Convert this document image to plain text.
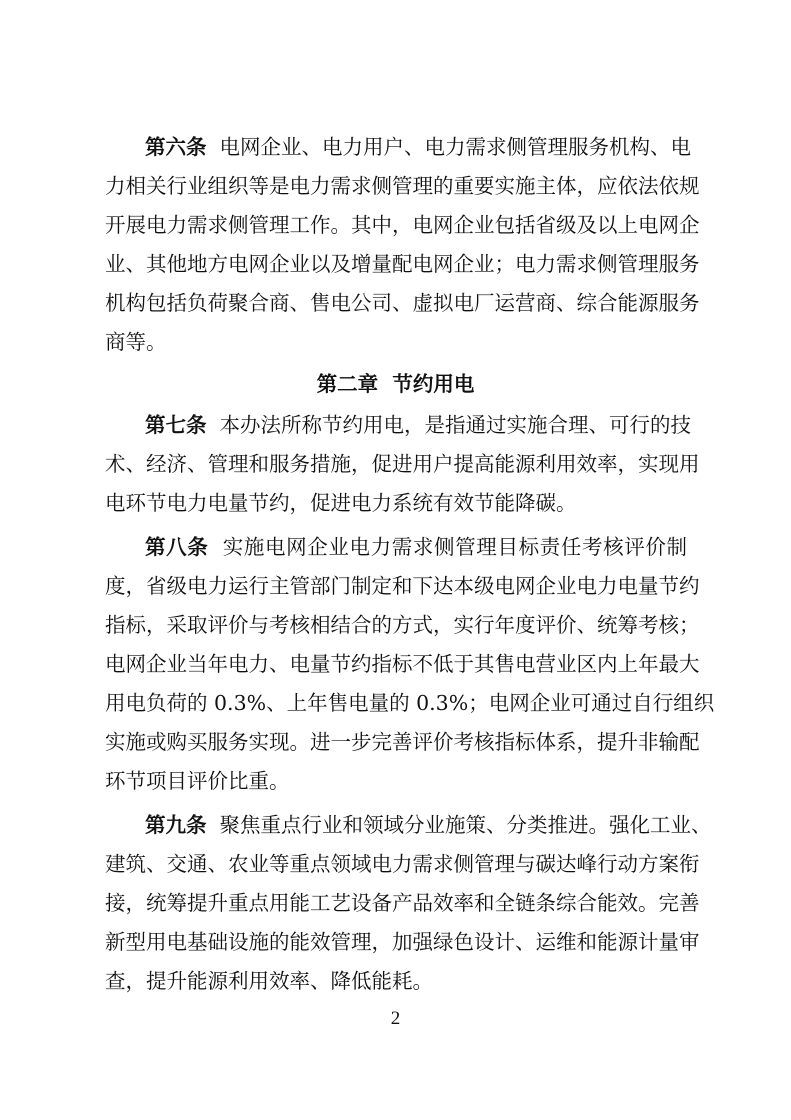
第六条 电网企业、电力用户、电力需求侧管理服务机构、电
力相关行业组织等是电力需求侧管理的重要实施主体，应依法依规
开展电力需求侧管理工作。其中，电网企业包括省级及以上电网企
业、其他地方电网企业以及增量配电网企业；电力需求侧管理服务
机构包括负荷聚合商、售电公司、虚拟电厂运营商、综合能源服务
商等。
第二章  节约用电
第七条 本办法所称节约用电，是指通过实施合理、可行的技
术、经济、管理和服务措施，促进用户提高能源利用效率，实现用
电环节电力电量节约，促进电力系统有效节能降碳。
第八条 实施电网企业电力需求侧管理目标责任考核评价制
度，省级电力运行主管部门制定和下达本级电网企业电力电量节约
指标，采取评价与考核相结合的方式，实行年度评价、统筹考核；
电网企业当年电力、电量节约指标不低于其售电营业区内上年最大
用电负荷的 0.3%、上年售电量的 0.3%；电网企业可通过自行组织
实施或购买服务实现。进一步完善评价考核指标体系，提升非输配
环节项目评价比重。
第九条 聚焦重点行业和领域分业施策、分类推进。强化工业、
建筑、交通、农业等重点领域电力需求侧管理与碳达峰行动方案衔
接，统筹提升重点用能工艺设备产品效率和全链条综合能效。完善
新型用电基础设施的能效管理，加强绿色设计、运维和能源计量审
查，提升能源利用效率、降低能耗。
2
